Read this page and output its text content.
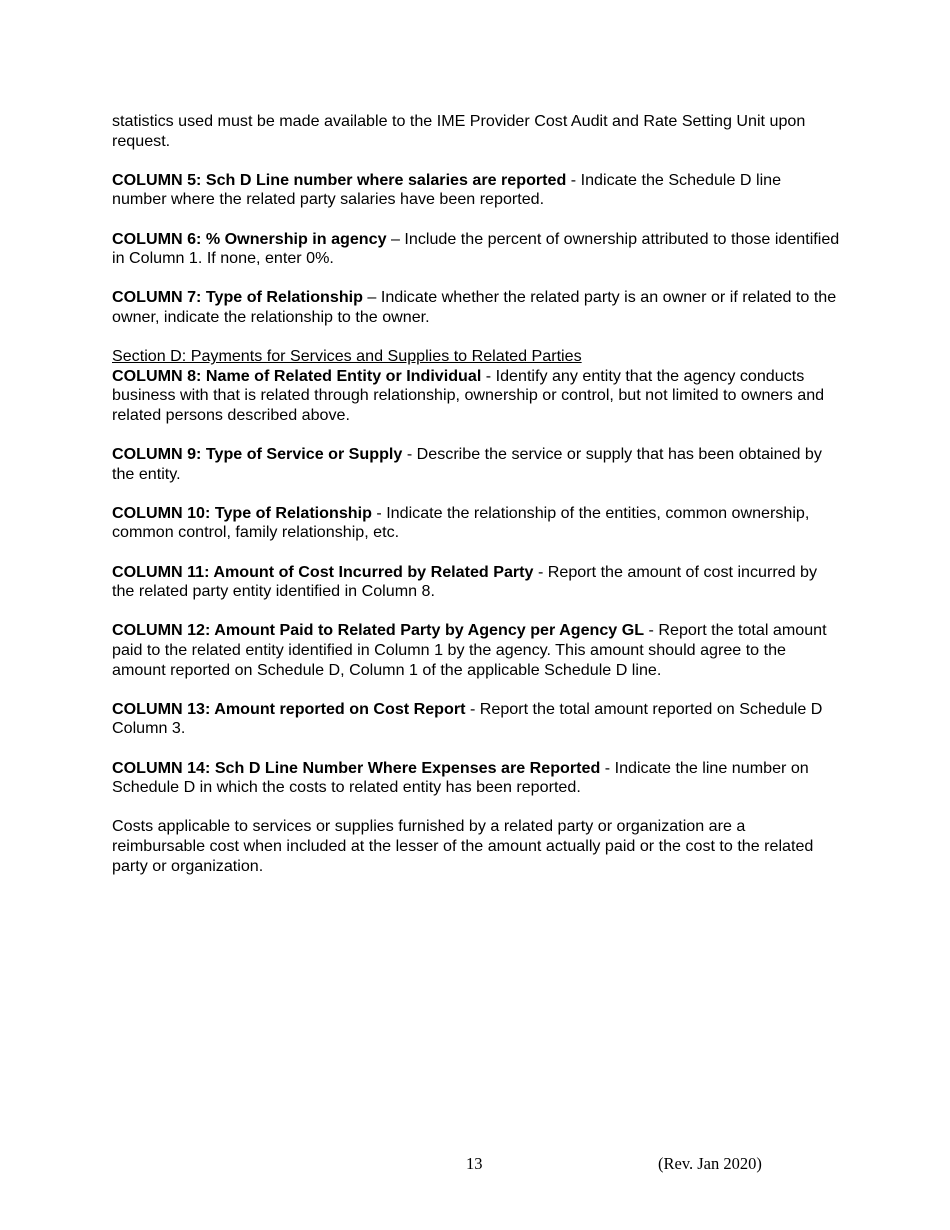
statistics used must be made available to the IME Provider Cost Audit and Rate Setting Unit upon request.

COLUMN 5: Sch D Line number where salaries are reported - Indicate the Schedule D line number where the related party salaries have been reported.

COLUMN 6: % Ownership in agency – Include the percent of ownership attributed to those identified in Column 1. If none, enter 0%.

COLUMN 7: Type of Relationship – Indicate whether the related party is an owner or if related to the owner, indicate the relationship to the owner.

Section D: Payments for Services and Supplies to Related Parties

COLUMN 8: Name of Related Entity or Individual - Identify any entity that the agency conducts business with that is related through relationship, ownership or control, but not limited to owners and related persons described above.

COLUMN 9: Type of Service or Supply - Describe the service or supply that has been obtained by the entity.

COLUMN 10: Type of Relationship - Indicate the relationship of the entities, common ownership, common control, family relationship, etc.

COLUMN 11: Amount of Cost Incurred by Related Party - Report the amount of cost incurred by the related party entity identified in Column 8.

COLUMN 12: Amount Paid to Related Party by Agency per Agency GL - Report the total amount paid to the related entity identified in Column 1 by the agency. This amount should agree to the amount reported on Schedule D, Column 1 of the applicable Schedule D line.

COLUMN 13: Amount reported on Cost Report - Report the total amount reported on Schedule D Column 3.

COLUMN 14: Sch D Line Number Where Expenses are Reported - Indicate the line number on Schedule D in which the costs to related entity has been reported.

Costs applicable to services or supplies furnished by a related party or organization are a reimbursable cost when included at the lesser of the amount actually paid or the cost to the related party or organization.

13	(Rev. Jan 2020)
